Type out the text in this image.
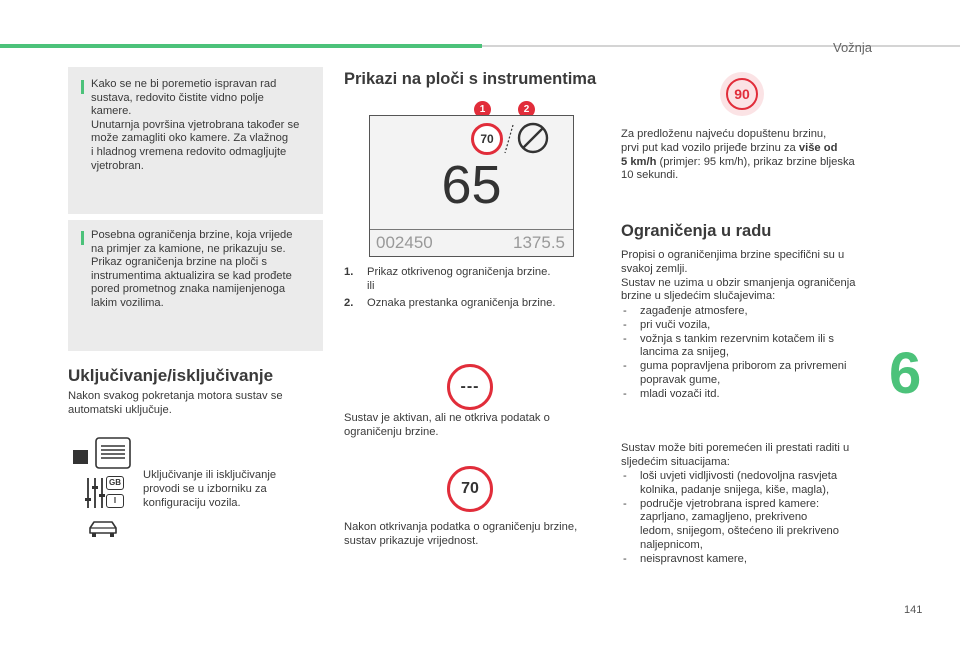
Vožnja
6
141

Kako se ne bi poremetio ispravan rad
sustava, redovito čistite vidno polje
kamere.
Unutarnja površina vjetrobrana također se
može zamagliti oko kamere. Za vlažnog
i hladnog vremena redovito odmagljujte
vjetrobran.

Posebna ograničenja brzine, koja vrijede
na primjer za kamione, ne prikazuju se.
Prikaz ograničenja brzine na ploči s
instrumentima aktualizira se kad prođete
pored prometnog znaka namijenjenoga
lakim vozilima.

Uključivanje/isključivanje

Nakon svakog pokretanja motora sustav se
automatski uključuje.

GB
I

Uključivanje ili isključivanje
provodi se u izborniku za
konfiguraciju vozila.

Prikazi na ploči s instrumentima
1	2
70
65
002450	1375.5
1. Prikaz otkrivenog ograničenja brzine.
ili
2. Oznaka prestanka ograničenja brzine.
---

Sustav je aktivan, ali ne otkriva podatak o
ograničenju brzine.

70

Nakon otkrivanja podatka o ograničenju brzine,
sustav prikazuje vrijednost.

90

Za predloženu najveću dopuštenu brzinu,
prvi put kad vozilo prijeđe brzinu za više od
5 km/h (primjer: 95 km/h), prikaz brzine bljeska
10 sekundi.

Ograničenja u radu

Propisi o ograničenjima brzine specifični su u
svakoj zemlji.
Sustav ne uzima u obzir smanjenja ograničenja
brzine u sljedećim slučajevima:

- zagađenje atmosfere,
- pri vuči vozila,
- vožnja s tankim rezervnim kotačem ili s
lancima za snijeg,
- guma popravljena priborom za privremeni
popravak gume,
- mladi vozači itd.

Sustav može biti poremećen ili prestati raditi u
sljedećim situacijama:

- loši uvjeti vidljivosti (nedovoljna rasvjeta
kolnika, padanje snijega, kiše, magla),
- područje vjetrobrana ispred kamere:
zaprljano, zamagljeno, prekriveno
ledom, snijegom, oštećeno ili prekriveno
naljepnicom,
- neispravnost kamere,
